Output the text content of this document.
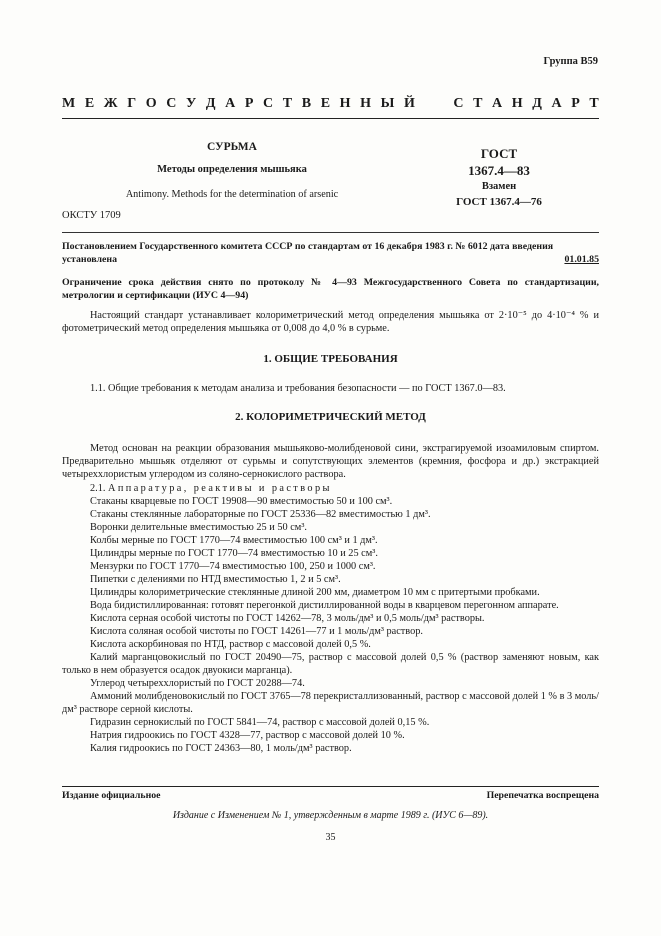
Группа В59
М Е Ж Г О С У Д А Р С Т В Е Н Н Ы Й	С Т А Н Д А Р Т
СУРЬМА
Методы определения мышьяка
Antimony. Methods for the determination of arsenic
ОКСТУ 1709
ГОСТ
1367.4—83
Взамен
ГОСТ 1367.4—76
Постановлением Государственного комитета СССР по стандартам от 16 декабря 1983 г. № 6012 дата введения установлена	01.01.85
Ограничение срока действия снято по протоколу № 4—93 Межгосударственного Совета по стандартизации, метрологии и сертификации (ИУС 4—94)
Настоящий стандарт устанавливает колориметрический метод определения мышьяка от 2·10⁻⁵ до 4·10⁻⁴ % и фотометрический метод определения мышьяка от 0,008 до 4,0 % в сурьме.
1. ОБЩИЕ ТРЕБОВАНИЯ
1.1. Общие требования к методам анализа и требования безопасности — по ГОСТ 1367.0—83.
2. КОЛОРИМЕТРИЧЕСКИЙ МЕТОД
Метод основан на реакции образования мышьяково-молибденовой сини, экстрагируемой изоамиловым спиртом. Предварительно мышьяк отделяют от сурьмы и сопутствующих элементов (кремния, фосфора и др.) экстракцией четыреххлористым углеродом из соляно-сернокислого раствора.
2.1. Аппаратура, реактивы и растворы
Стаканы кварцевые по ГОСТ 19908—90 вместимостью 50 и 100 см³.
Стаканы стеклянные лабораторные по ГОСТ 25336—82 вместимостью 1 дм³.
Воронки делительные вместимостью 25 и 50 см³.
Колбы мерные по ГОСТ 1770—74 вместимостью 100 см³ и 1 дм³.
Цилиндры мерные по ГОСТ 1770—74 вместимостью 10 и 25 см³.
Мензурки по ГОСТ 1770—74 вместимостью 100, 250 и 1000 см³.
Пипетки с делениями по НТД вместимостью 1, 2 и 5 см³.
Цилиндры колориметрические стеклянные длиной 200 мм, диаметром 10 мм с притертыми пробками.
Вода бидистиллированная: готовят перегонкой дистиллированной воды в кварцевом перегонном аппарате.
Кислота серная особой чистоты по ГОСТ 14262—78, 3 моль/дм³ и 0,5 моль/дм³ растворы.
Кислота соляная особой чистоты по ГОСТ 14261—77 и 1 моль/дм³ раствор.
Кислота аскорбиновая по НТД, раствор с массовой долей 0,5 %.
Калий марганцовокислый по ГОСТ 20490—75, раствор с массовой долей 0,5 % (раствор заменяют новым, как только в нем образуется осадок двуокиси марганца).
Углерод четыреххлористый по ГОСТ 20288—74.
Аммоний молибденовокислый по ГОСТ 3765—78 перекристаллизованный, раствор с массовой долей 1 % в 3 моль/дм³ растворе серной кислоты.
Гидразин сернокислый по ГОСТ 5841—74, раствор с массовой долей 0,15 %.
Натрия гидроокись по ГОСТ 4328—77, раствор с массовой долей 10 %.
Калия гидроокись по ГОСТ 24363—80, 1 моль/дм³ раствор.
Издание официальное	Перепечатка воспрещена
Издание с Изменением № 1, утвержденным в марте 1989 г. (ИУС 6—89).
35
